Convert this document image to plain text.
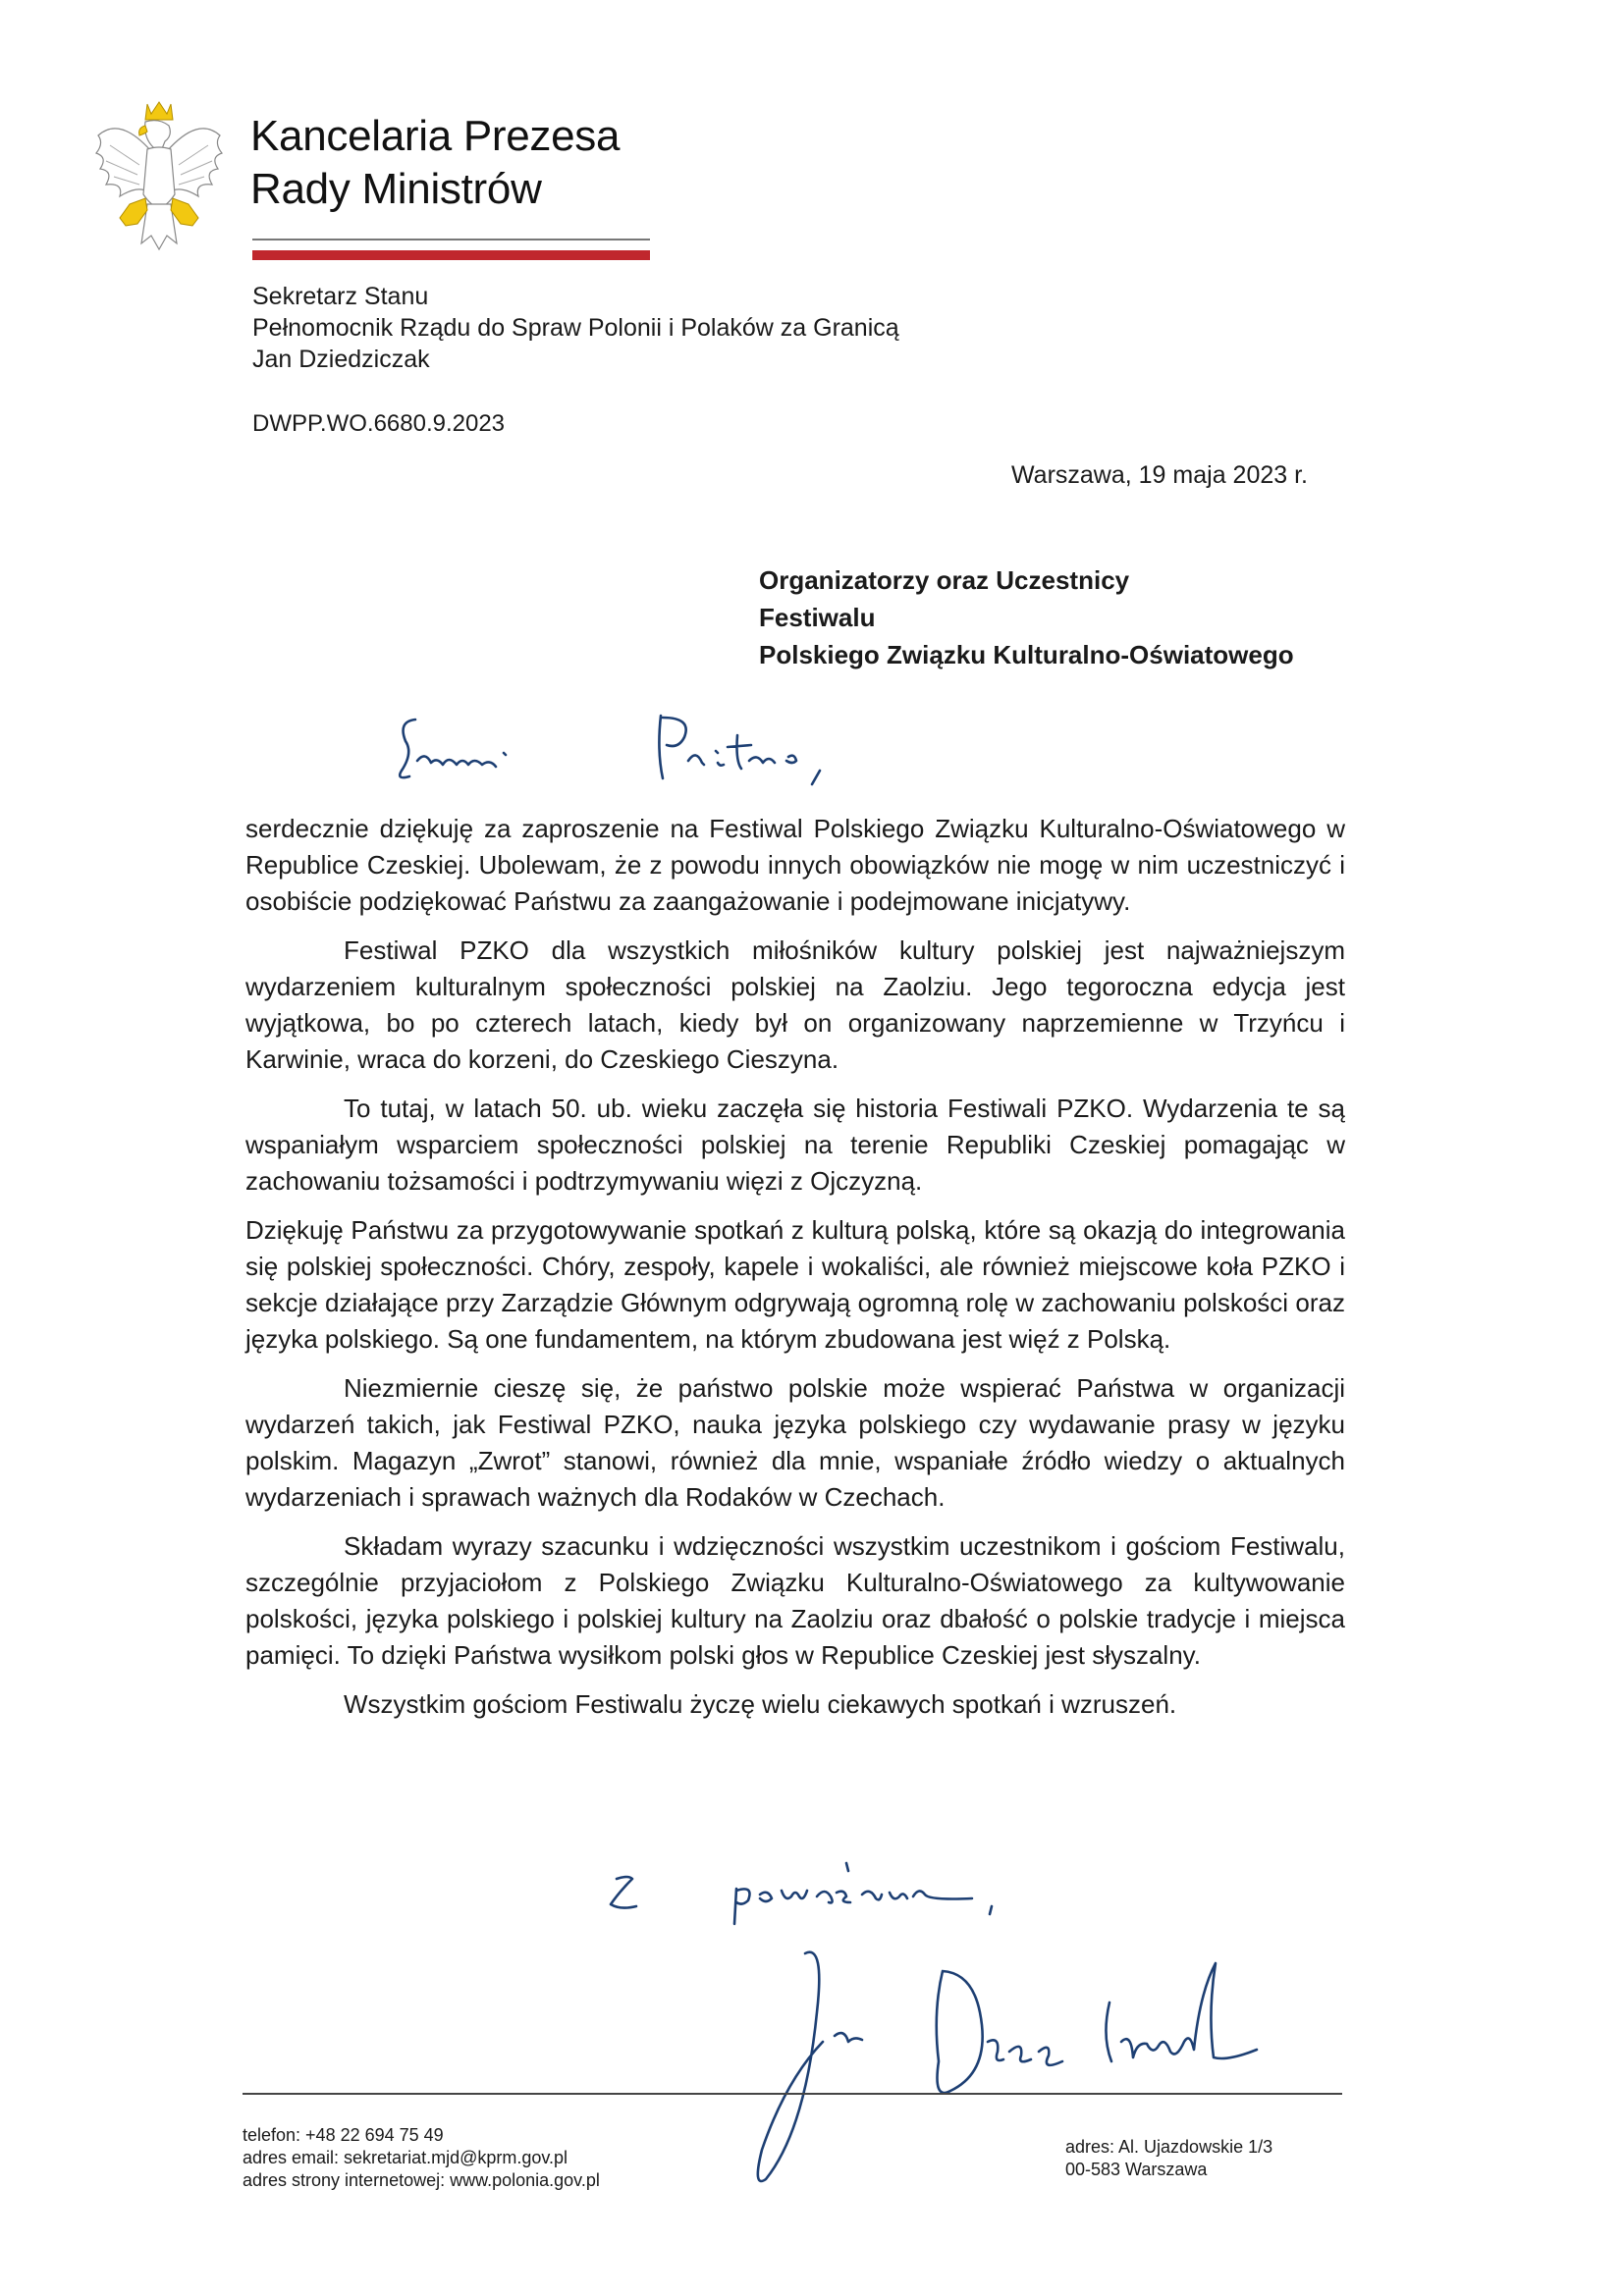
Kancelaria Prezesa
Rady Ministrów
Sekretarz Stanu
Pełnomocnik Rządu do Spraw Polonii i Polaków za Granicą
Jan Dziedziczak
DWPP.WO.6680.9.2023
Warszawa, 19 maja 2023 r.
Organizatorzy oraz Uczestnicy
Festiwalu
Polskiego Związku Kulturalno-Oświatowego

serdecznie dziękuję za zaproszenie na Festiwal Polskiego Związku Kulturalno-Oświatowego w Republice Czeskiej. Ubolewam, że z powodu innych obowiązków nie mogę w nim uczestniczyć i osobiście podziękować Państwu za zaangażowanie i podejmowane inicjatywy.

Festiwal PZKO dla wszystkich miłośników kultury polskiej jest najważniejszym wydarzeniem kulturalnym społeczności polskiej na Zaolziu. Jego tegoroczna edycja jest wyjątkowa, bo po czterech latach, kiedy był on organizowany naprzemienne w Trzyńcu i Karwinie, wraca do korzeni, do Czeskiego Cieszyna.

To tutaj, w latach 50. ub. wieku zaczęła się historia Festiwali PZKO. Wydarzenia te są wspaniałym wsparciem społeczności polskiej na terenie Republiki Czeskiej pomagając w zachowaniu tożsamości i podtrzymywaniu więzi z Ojczyzną.

Dziękuję Państwu za przygotowywanie spotkań z kulturą polską, które są okazją do integrowania się polskiej społeczności. Chóry, zespoły, kapele i wokaliści, ale również miejscowe koła PZKO i sekcje działające przy Zarządzie Głównym odgrywają ogromną rolę w zachowaniu polskości oraz języka polskiego. Są one fundamentem, na którym zbudowana jest więź z Polską.

Niezmiernie cieszę się, że państwo polskie może wspierać Państwa w organizacji wydarzeń takich, jak Festiwal PZKO, nauka języka polskiego czy wydawanie prasy w języku polskim. Magazyn „Zwrot” stanowi, również dla mnie, wspaniałe źródło wiedzy o aktualnych wydarzeniach i sprawach ważnych dla Rodaków w Czechach.

Składam wyrazy szacunku i wdzięczności wszystkim uczestnikom i gościom Festiwalu, szczególnie przyjaciołom z Polskiego Związku Kulturalno-Oświatowego za kultywowanie polskości, języka polskiego i polskiej kultury na Zaolziu oraz dbałość o polskie tradycje i miejsca pamięci. To dzięki Państwa wysiłkom polski głos w Republice Czeskiej jest słyszalny.

Wszystkim gościom Festiwalu życzę wielu ciekawych spotkań i wzruszeń.

telefon: +48 22 694 75 49
adres email: sekretariat.mjd@kprm.gov.pl
adres strony internetowej: www.polonia.gov.pl
adres: Al. Ujazdowskie 1/3
00-583 Warszawa
